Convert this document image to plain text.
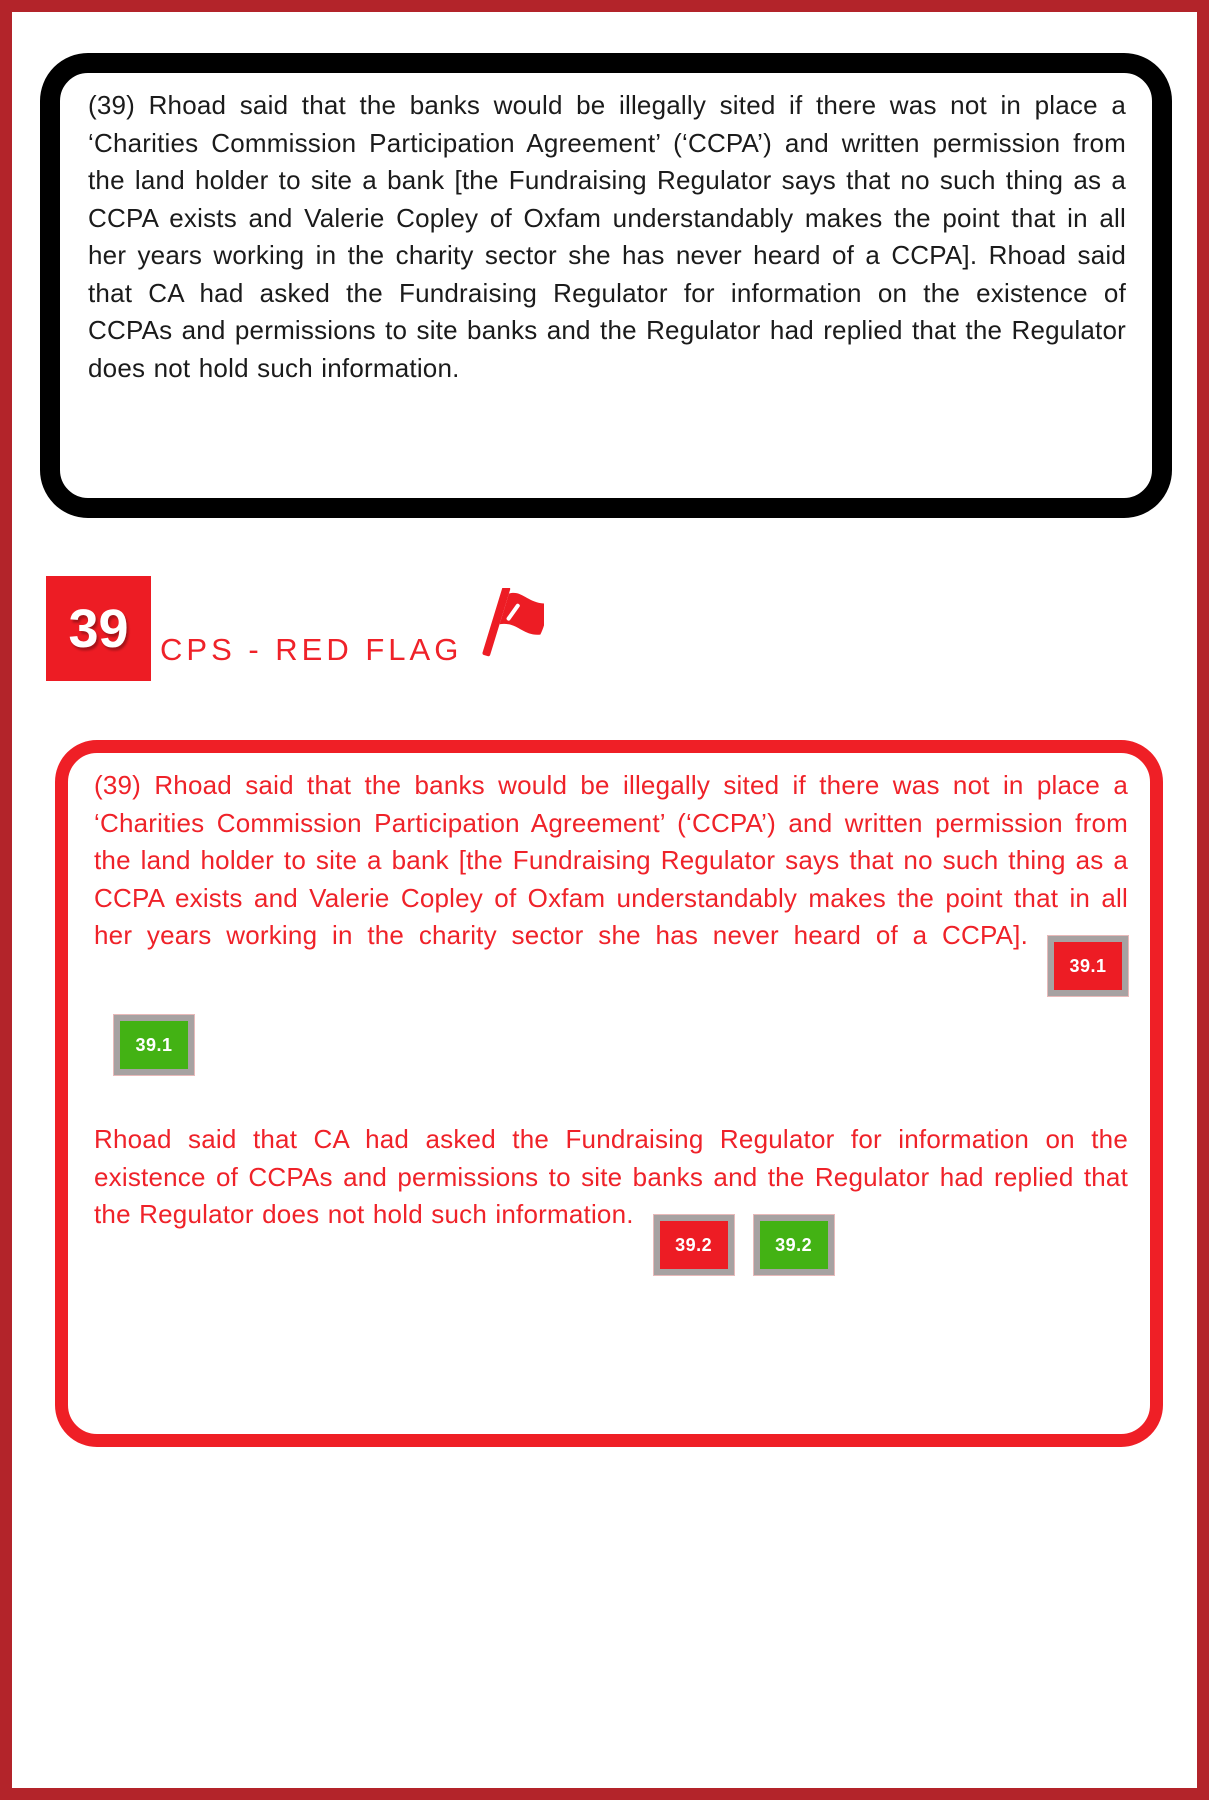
(39) Rhoad said that the banks would be illegally sited if there was not in place a ‘Charities Commission Participation Agreement’ (‘CCPA’) and written permission from the land holder to site a bank [the Fundraising Regulator says that no such thing as a CCPA exists and Valerie Copley of Oxfam understandably makes the point that in all her years working in the charity sector she has never heard of a CCPA]. Rhoad said that CA had asked the Fundraising Regulator for information on the existence of CCPAs and permissions to site banks and the Regulator had replied that the Regulator does not hold such information.

39	CPS - RED FLAG

(39) Rhoad said that the banks would be illegally sited if there was not in place a ‘Charities Commission Participation Agreement’ (‘CCPA’) and written permission from the land holder to site a bank [the Fundraising Regulator says that no such thing as a CCPA exists and Valerie Copley of Oxfam understandably makes the point that in all her years working in the charity sector she has never heard of a CCPA].39.139.1

Rhoad said that CA had asked the Fundraising Regulator for information on the existence of CCPAs and permissions to site banks and the Regulator had replied that the Regulator does not hold such information.39.2	39.2
